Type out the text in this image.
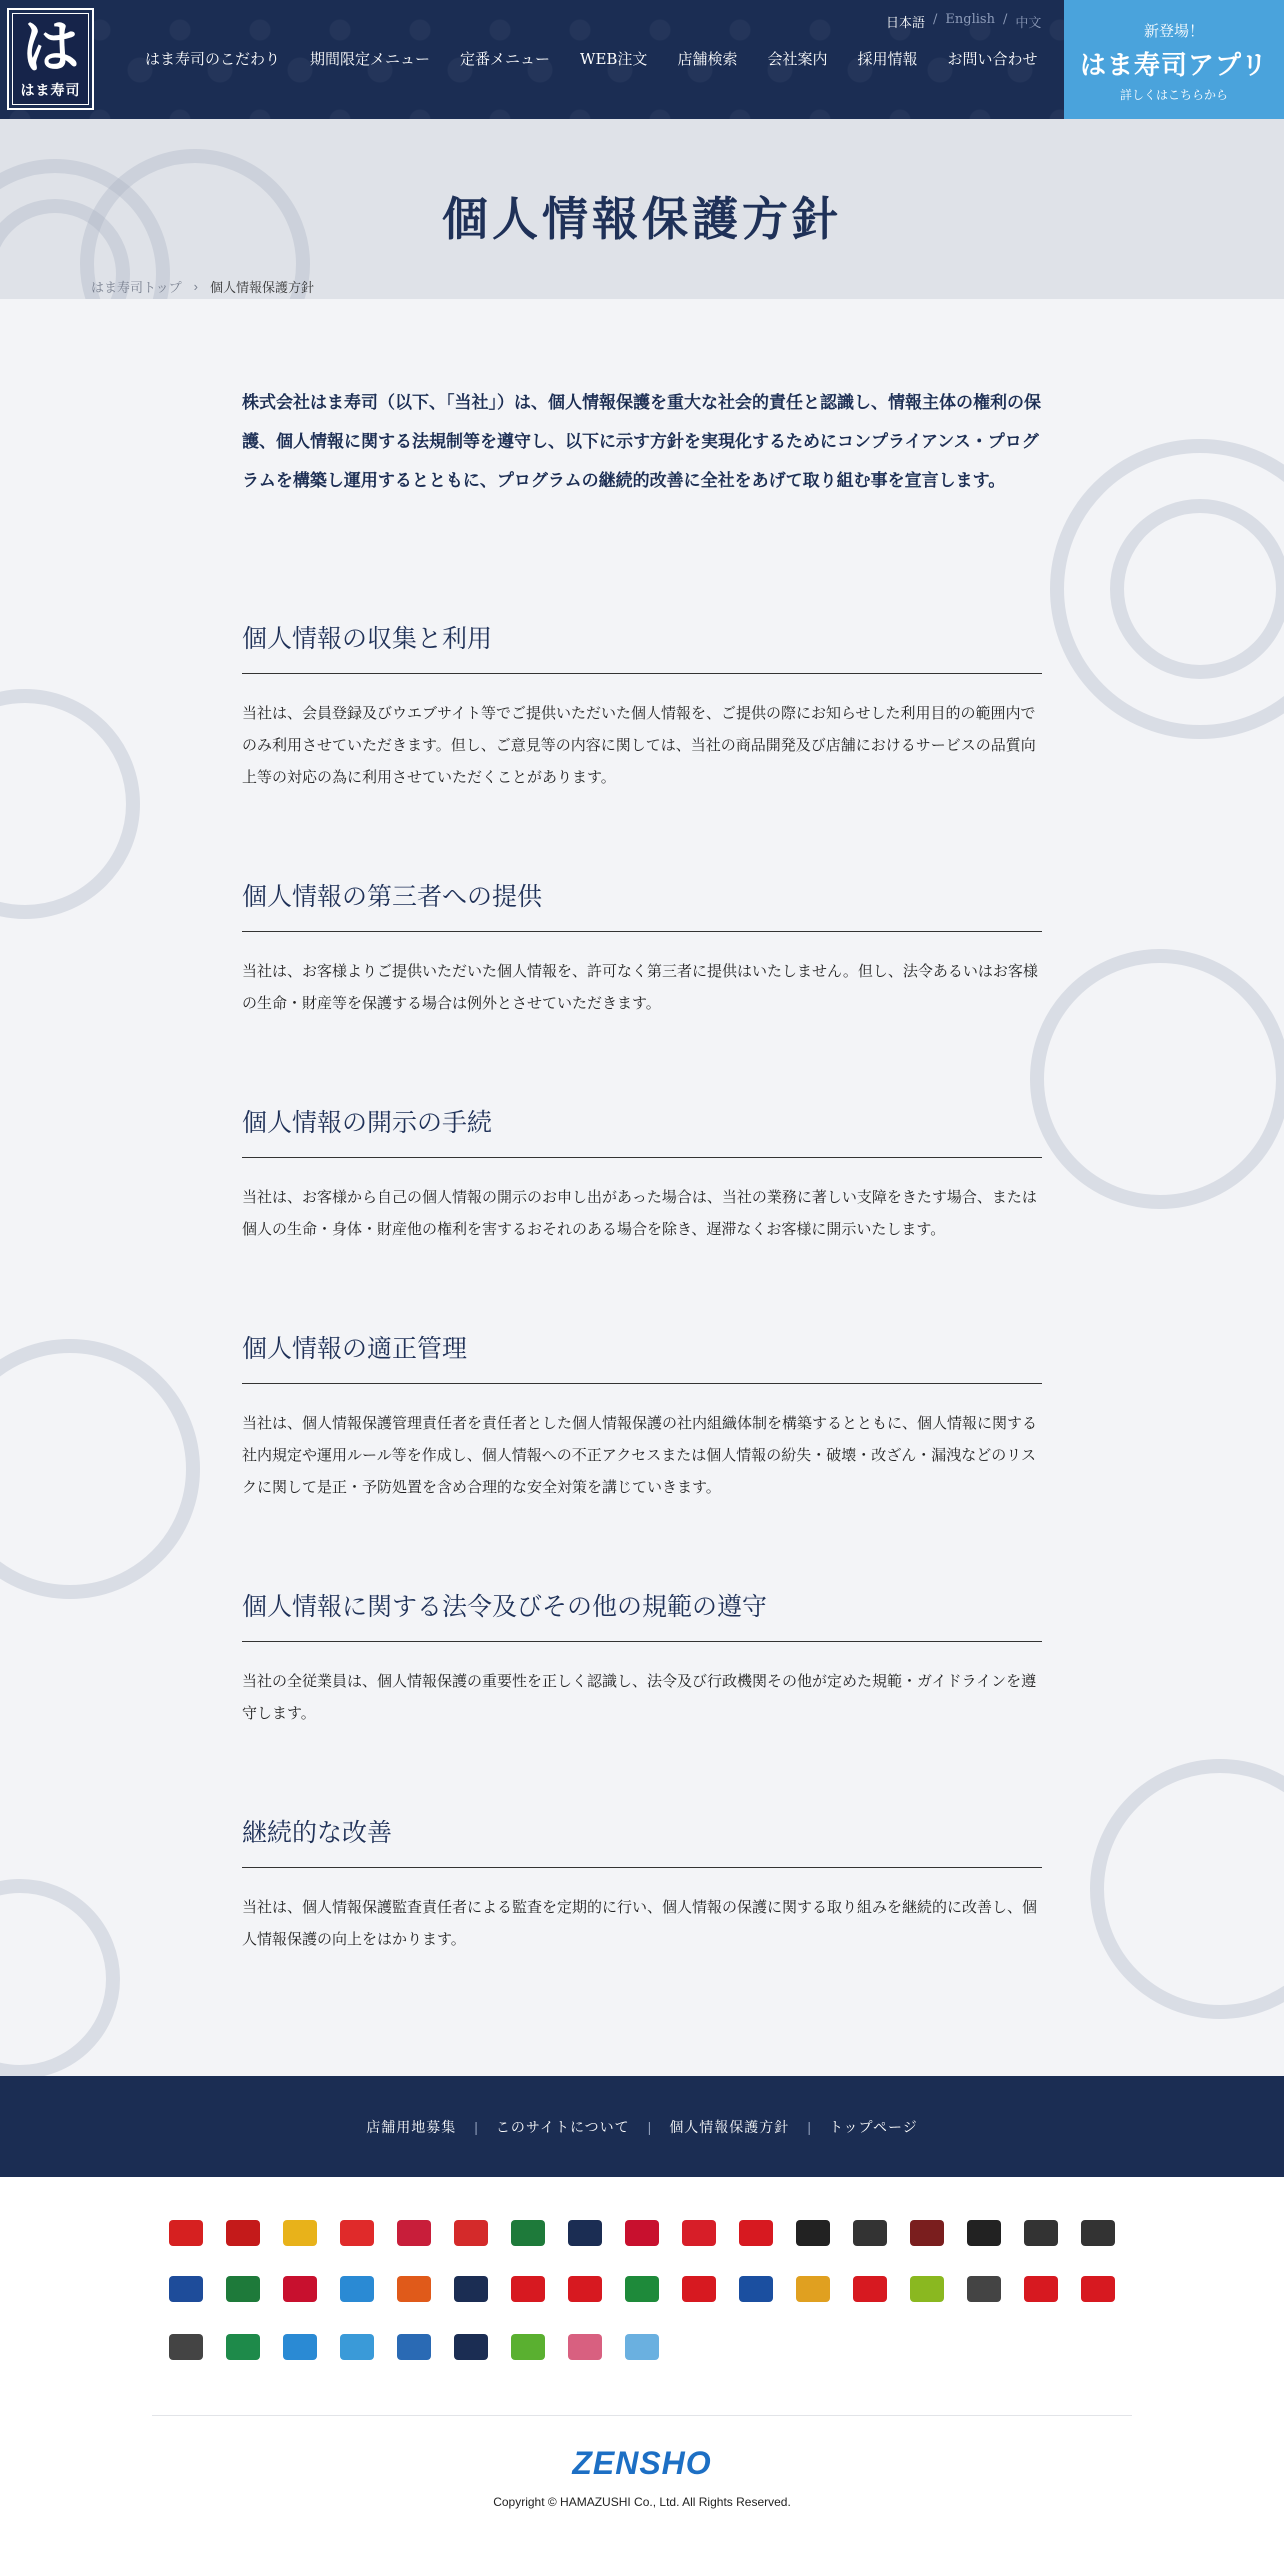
は
はま寿司
日本語 / English / 中文
はま寿司のこだわり	期間限定メニュー	定番メニュー	WEB注文	店舗検索	会社案内	採用情報	お問い合わせ
新登場！
はま寿司アプリ
詳しくはこちらから
個人情報保護方針
はま寿司トップ › 個人情報保護方針

株式会社はま寿司（以下、「当社」）は、個人情報保護を重大な社会的責任と認識し、情報主体の権利の保護、個人情報に関する法規制等を遵守し、以下に示す方針を実現化するためにコンプライアンス・プログラムを構築し運用するとともに、プログラムの継続的改善に全社をあげて取り組む事を宣言します。

個人情報の収集と利用

当社は、会員登録及びウエブサイト等でご提供いただいた個人情報を、ご提供の際にお知らせした利用目的の範囲内でのみ利用させていただきます。但し、ご意見等の内容に関しては、当社の商品開発及び店舗におけるサービスの品質向上等の対応の為に利用させていただくことがあります。

個人情報の第三者への提供

当社は、お客様よりご提供いただいた個人情報を、許可なく第三者に提供はいたしません。但し、法令あるいはお客様の生命・財産等を保護する場合は例外とさせていただきます。

個人情報の開示の手続

当社は、お客様から自己の個人情報の開示のお申し出があった場合は、当社の業務に著しい支障をきたす場合、または個人の生命・身体・財産他の権利を害するおそれのある場合を除き、遅滞なくお客様に開示いたします。

個人情報の適正管理

当社は、個人情報保護管理責任者を責任者とした個人情報保護の社内組織体制を構築するとともに、個人情報に関する社内規定や運用ルール等を作成し、個人情報への不正アクセスまたは個人情報の紛失・破壊・改ざん・漏洩などのリスクに関して是正・予防処置を含め合理的な安全対策を講じていきます。

個人情報に関する法令及びその他の規範の遵守

当社の全従業員は、個人情報保護の重要性を正しく認識し、法令及び行政機関その他が定めた規範・ガイドラインを遵守します。

継続的な改善

当社は、個人情報保護監査責任者による監査を定期的に行い、個人情報の保護に関する取り組みを継続的に改善し、個人情報保護の向上をはかります。

店舗用地募集	|	このサイトについて	|	個人情報保護方針	|	トップページ
ZENSHO
Copyright © HAMAZUSHI Co., Ltd. All Rights Reserved.
